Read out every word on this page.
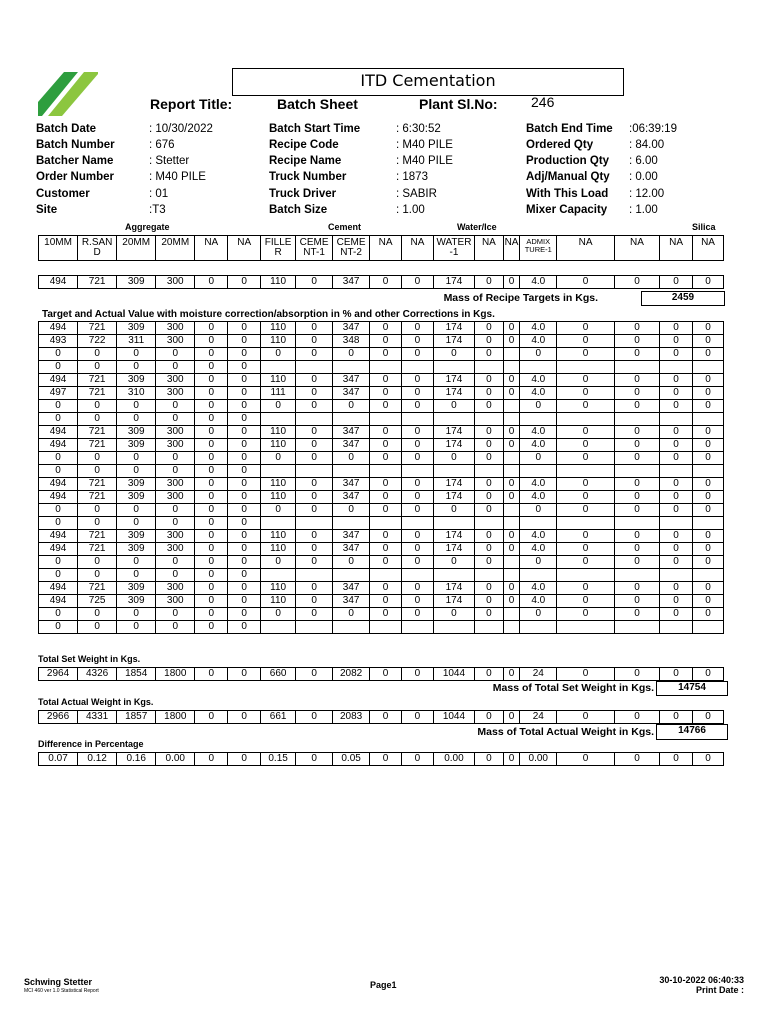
ITD Cementation
Report Title:	Batch Sheet	Plant Sl.No: 246
Batch Date	: 10/30/2022
Batch Number	: 676
Batcher Name	: Stetter
Order Number	: M40 PILE
Customer	: 01
Site	:T3
Batch Start Time	: 6:30:52
Recipe Code	: M40 PILE
Recipe Name	: M40 PILE
Truck Number	: 1873
Truck Driver	: SABIR
Batch Size	: 1.00
Batch End Time :06:39:19
Ordered Qty	: 84.00
Production Qty : 6.00
Adj/Manual Qty : 0.00
With This Load : 12.00
Mixer Capacity : 1.00
Aggregate	Cement	Water/Ice	Silica
10MM	R.SAN D	20MM	20MM	NA	NA	FILLE R	CEME NT-1	CEME NT-2	NA	NA	WATER -1	NA	NA	ADMIX TURE-1	NA	NA	NA	NA
494	721	309	300	0	0	110	0	347	0	0	174	0	0	4.0	0	0	0	0
Mass of Recipe Targets in Kgs.	2459
Target and Actual Value with moisture correction/absorption in % and other Corrections in Kgs.
494	721	309	300	0	0	110	0	347	0	0	174	0	0	4.0	0	0	0	0
493	722	311	300	0	0	110	0	348	0	0	174	0	0	4.0	0	0	0	0
0	0	0	0	0	0	0	0	0	0	0	0	0		0	0	0	0	0
0	0	0	0	0	0													
494	721	309	300	0	0	110	0	347	0	0	174	0	0	4.0	0	0	0	0
497	721	310	300	0	0	111	0	347	0	0	174	0	0	4.0	0	0	0	0
0	0	0	0	0	0	0	0	0	0	0	0	0		0	0	0	0	0
0	0	0	0	0	0													
494	721	309	300	0	0	110	0	347	0	0	174	0	0	4.0	0	0	0	0
494	721	309	300	0	0	110	0	347	0	0	174	0	0	4.0	0	0	0	0
0	0	0	0	0	0	0	0	0	0	0	0	0		0	0	0	0	0
0	0	0	0	0	0													
494	721	309	300	0	0	110	0	347	0	0	174	0	0	4.0	0	0	0	0
494	721	309	300	0	0	110	0	347	0	0	174	0	0	4.0	0	0	0	0
0	0	0	0	0	0	0	0	0	0	0	0	0		0	0	0	0	0
0	0	0	0	0	0													
494	721	309	300	0	0	110	0	347	0	0	174	0	0	4.0	0	0	0	0
494	721	309	300	0	0	110	0	347	0	0	174	0	0	4.0	0	0	0	0
0	0	0	0	0	0	0	0	0	0	0	0	0		0	0	0	0	0
0	0	0	0	0	0													
494	721	309	300	0	0	110	0	347	0	0	174	0	0	4.0	0	0	0	0
494	725	309	300	0	0	110	0	347	0	0	174	0	0	4.0	0	0	0	0
0	0	0	0	0	0	0	0	0	0	0	0	0		0	0	0	0	0
0	0	0	0	0	0													
Total Set Weight in Kgs.
2964	4326	1854	1800	0	0	660	0	2082	0	0	1044	0	0	24	0	0	0	0
Mass of Total Set Weight in Kgs.	14754
Total Actual Weight in Kgs.
2966	4331	1857	1800	0	0	661	0	2083	0	0	1044	0	0	24	0	0	0	0
Mass of Total Actual Weight in Kgs.	14766
Difference in Percentage
0.07	0.12	0.16	0.00	0	0	0.15	0	0.05	0	0	0.00	0	0	0.00	0	0	0	0
Schwing Stetter
MCI 460 ver 1.0 Statistical Report
Page1	30-10-2022 06:40:33
Print Date :
